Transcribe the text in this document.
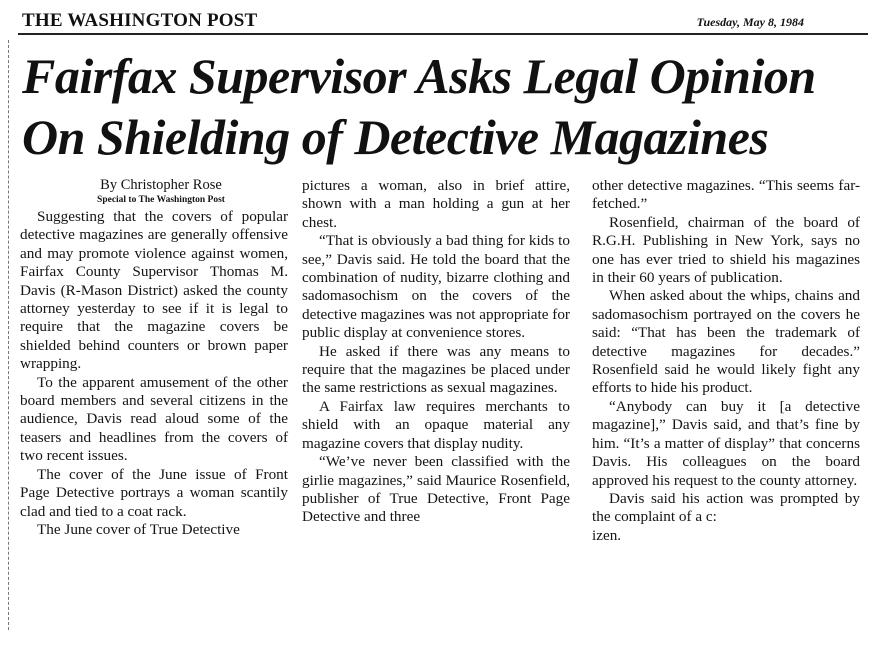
THE WASHINGTON POST	Tuesday, May 8, 1984
Fairfax Supervisor Asks Legal Opinion
On Shielding of Detective Magazines
By Christopher Rose
Special to The Washington Post

Suggesting that the covers of popular detective magazines are generally offensive and may promote violence against women, Fairfax County Supervisor Thomas M. Davis (R-Mason District) asked the county attorney yesterday to see if it is legal to require that the magazine covers be shielded behind counters or brown paper wrapping.

To the apparent amusement of the other board members and several citizens in the audience, Davis read aloud some of the teasers and headlines from the covers of two recent issues.

The cover of the June issue of Front Page Detective portrays a woman scantily clad and tied to a coat rack.

The June cover of True Detective

pictures a woman, also in brief attire, shown with a man holding a gun at her chest.

“That is obviously a bad thing for kids to see,” Davis said. He told the board that the combination of nudity, bizarre clothing and sadomasochism on the covers of the detective magazines was not appropriate for public display at convenience stores.

He asked if there was any means to require that the magazines be placed under the same restrictions as sexual magazines.

A Fairfax law requires merchants to shield with an opaque material any magazine covers that display nudity.

“We’ve never been classified with the girlie magazines,” said Maurice Rosenfield, publisher of True Detective, Front Page Detective and three

other detective magazines. “This seems far-fetched.”

Rosenfield, chairman of the board of R.G.H. Publishing in New York, says no one has ever tried to shield his magazines in their 60 years of publication.

When asked about the whips, chains and sadomasochism portrayed on the covers he said: “That has been the trademark of detective magazines for decades.” Rosenfield said he would likely fight any efforts to hide his product.

“Anybody can buy it [a detective magazine],” Davis said, and that’s fine by him. “It’s a matter of display” that concerns Davis. His colleagues on the board approved his request to the county attorney.

Davis said his action was prompted by the complaint of a c:

izen.
